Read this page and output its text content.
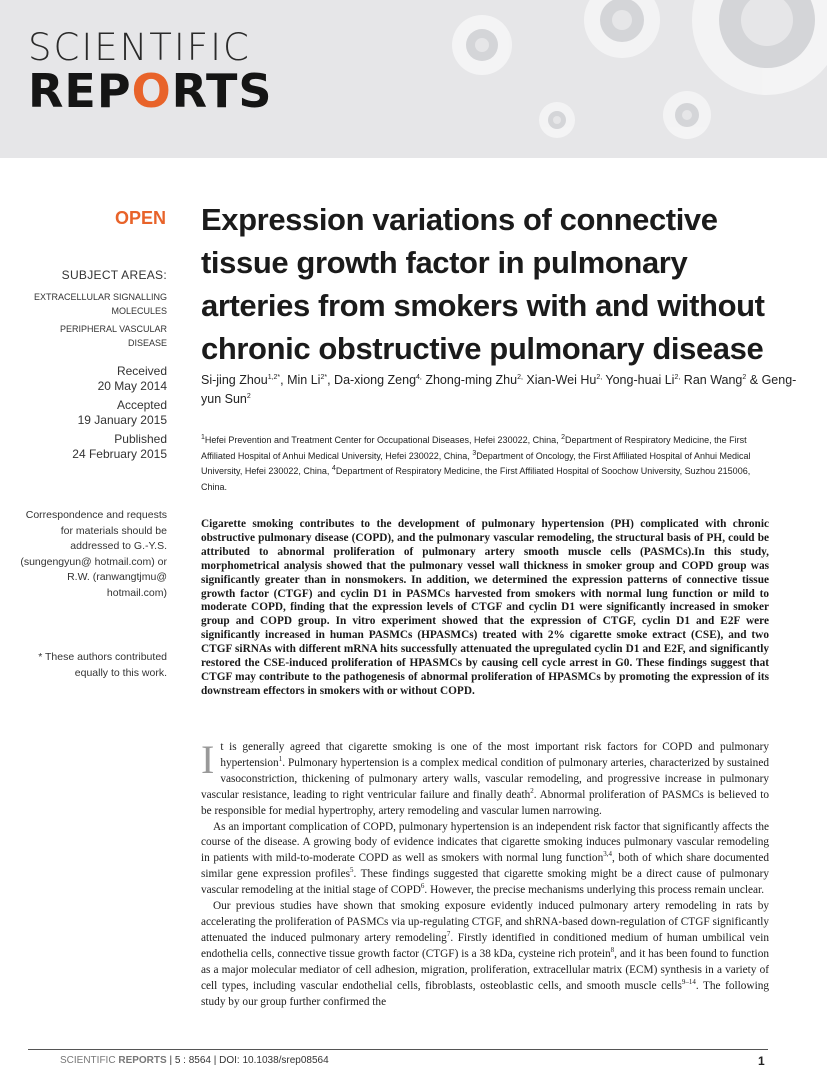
SCIENTIFIC
REPORTS
OPEN
SUBJECT AREAS:
EXTRACELLULAR SIGNALLING MOLECULES
PERIPHERAL VASCULAR DISEASE
Received
20 May 2014
Accepted
19 January 2015
Published
24 February 2015
Correspondence and requests for materials should be addressed to G.-Y.S. (sungengyun@ hotmail.com) or R.W. (ranwangtjmu@ hotmail.com)
* These authors contributed equally to this work.
Expression variations of connective tissue growth factor in pulmonary arteries from smokers with and without chronic obstructive pulmonary disease
Si-jing Zhou$^{1,2*}$, Min $Li^{2*}$, Da-xiong Zeng$^{4,}$ Zhong-ming Zhu$^{2,}$ Xian-Wei $Hu^{2,}$ Yong-huai $Li^{2,}$ Ran Wang$^2$ & Geng-yun Sun$^2$
$^1$Hefei Prevention and Treatment Center for Occupational Diseases, Hefei 230022, China, $^2$Department of Respiratory Medicine, the First Affiliated Hospital of Anhui Medical University, Hefei 230022, China, $^3$Department of Oncology, the First Affiliated Hospital of Anhui Medical University, Hefei 230022, China, $^4$Department of Respiratory Medicine, the First Affiliated Hospital of Soochow University, Suzhou 215006, China.
Cigarette smoking contributes to the development of pulmonary hypertension (PH) complicated with chronic obstructive pulmonary disease (COPD), and the pulmonary vascular remodeling, the structural basis of PH, could be attributed to abnormal proliferation of pulmonary artery smooth muscle cells (PASMCs).In this study, morphometrical analysis showed that the pulmonary vessel wall thickness in smoker group and COPD group was significantly greater than in nonsmokers. In addition, we determined the expression patterns of connective tissue growth factor (CTGF) and cyclin D1 in PASMCs harvested from smokers with normal lung function or mild to moderate COPD, finding that the expression levels of CTGF and cyclin D1 were significantly increased in smoker group and COPD group. In vitro experiment showed that the expression of CTGF, cyclin D1 and E2F were significantly increased in human PASMCs (HPASMCs) treated with 2% cigarette smoke extract (CSE), and two CTGF siRNAs with different mRNA hits successfully attenuated the upregulated cyclin D1 and E2F, and significantly restored the CSE-induced proliferation of HPASMCs by causing cell cycle arrest in G0. These findings suggest that CTGF may contribute to the pathogenesis of abnormal proliferation of HPASMCs by promoting the expression of its downstream effectors in smokers with or without COPD.

It is generally agreed that cigarette smoking is one of the most important risk factors for COPD and pulmonary hypertension$^1$. Pulmonary hypertension is a complex medical condition of pulmonary arteries, characterized by sustained vasoconstriction, thickening of pulmonary artery walls, vascular remodeling, and progressive increase in pulmonary vascular resistance, leading to right ventricular failure and finally death$^2$. Abnormal proliferation of PASMCs is believed to be responsible for medial hypertrophy, artery remodeling and vascular lumen narrowing.

As an important complication of COPD, pulmonary hypertension is an independent risk factor that significantly affects the course of the disease. A growing body of evidence indicates that cigarette smoking induces pulmonary vascular remodeling in patients with mild-to-moderate COPD as well as smokers with normal lung function$^{3,4}$, both of which share documented similar gene expression profiles$^5$. These findings suggested that cigarette smoking might be a direct cause of pulmonary vascular remodeling at the initial stage of COPD$^6$. However, the precise mechanisms underlying this process remain unclear.

Our previous studies have shown that smoking exposure evidently induced pulmonary artery remodeling in rats by accelerating the proliferation of PASMCs via up-regulating CTGF, and shRNA-based down-regulation of CTGF significantly attenuated the induced pulmonary artery remodeling$^7$. Firstly identified in conditioned medium of human umbilical vein endothelia cells, connective tissue growth factor (CTGF) is a 38 kDa, cysteine rich protein$^8$, and it has been found to function as a major molecular mediator of cell adhesion, migration, proliferation, extracellular matrix (ECM) synthesis in a variety of cell types, including vascular endothelial cells, fibroblasts, osteoblastic cells, and smooth muscle cells$^{9-14}$. The following study by our group further confirmed the

SCIENTIFIC REPORTS | 5 : 8564 | DOI: 10.1038/srep08564	1
